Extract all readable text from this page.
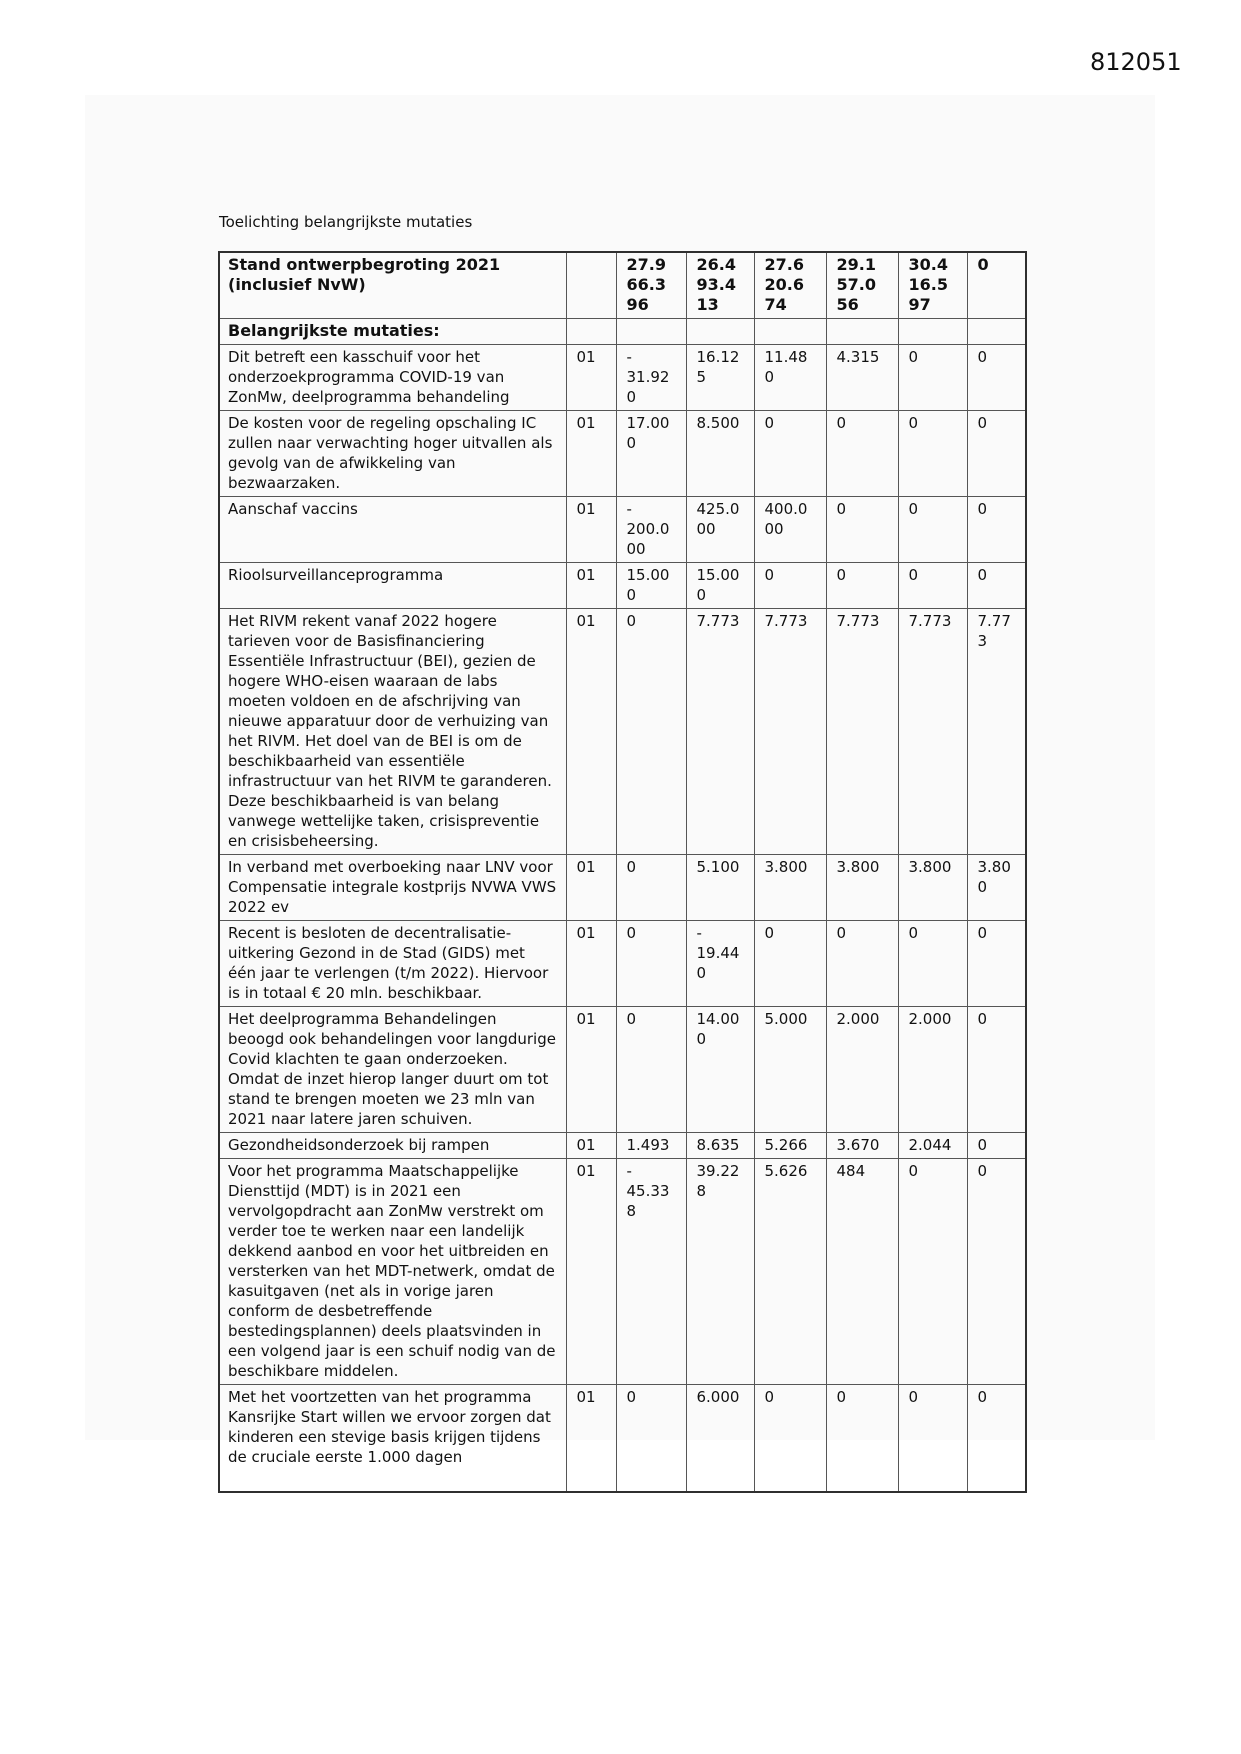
812051
Toelichting belangrijkste mutaties
Stand ontwerpbegroting 2021 (inclusief NvW)		27.966.396	26.493.413	27.620.674	29.157.056	30.416.597	0
Belangrijkste mutaties:							
Dit betreft een kasschuif voor het onderzoekprogramma COVID-19 van ZonMw, deelprogramma behandeling	01	- 31.920	16.125	11.480	4.315	0	0
De kosten voor de regeling opschaling IC zullen naar verwachting hoger uitvallen als gevolg van de afwikkeling van bezwaarzaken.	01	17.000	8.500	0	0	0	0
Aanschaf vaccins	01	- 200.000	425.000	400.000	0	0	0
Rioolsurveillanceprogramma	01	15.000	15.000	0	0	0	0
Het RIVM rekent vanaf 2022 hogere tarieven voor de Basisfinanciering Essentiële Infrastructuur (BEI), gezien de hogere WHO-eisen waaraan de labs moeten voldoen en de afschrijving van nieuwe apparatuur door de verhuizing van het RIVM. Het doel van de BEI is om de beschikbaarheid van essentiële infrastructuur van het RIVM te garanderen. Deze beschikbaarheid is van belang vanwege wettelijke taken, crisispreventie en crisisbeheersing.	01	0	7.773	7.773	7.773	7.773	7.773
In verband met overboeking naar LNV voor Compensatie integrale kostprijs NVWA VWS 2022 ev	01	0	5.100	3.800	3.800	3.800	3.800
Recent is besloten de decentralisatie-uitkering Gezond in de Stad (GIDS) met één jaar te verlengen (t/m 2022). Hiervoor is in totaal € 20 mln. beschikbaar.	01	0	- 19.440	0	0	0	0
Het deelprogramma Behandelingen beoogd ook behandelingen voor langdurige Covid klachten te gaan onderzoeken. Omdat de inzet hierop langer duurt om tot stand te brengen moeten we 23 mln van 2021 naar latere jaren schuiven.	01	0	14.000	5.000	2.000	2.000	0
Gezondheidsonderzoek bij rampen	01	1.493	8.635	5.266	3.670	2.044	0
Voor het programma Maatschappelijke Diensttijd (MDT) is in 2021 een vervolgopdracht aan ZonMw verstrekt om verder toe te werken naar een landelijk dekkend aanbod en voor het uitbreiden en versterken van het MDT-netwerk, omdat de kasuitgaven (net als in vorige jaren conform de desbetreffende bestedingsplannen) deels plaatsvinden in een volgend jaar is een schuif nodig van de beschikbare middelen.	01	- 45.338	39.228	5.626	484	0	0
Met het voortzetten van het programma Kansrijke Start willen we ervoor zorgen dat kinderen een stevige basis krijgen tijdens de cruciale eerste 1.000 dagen	01	0	6.000	0	0	0	0
